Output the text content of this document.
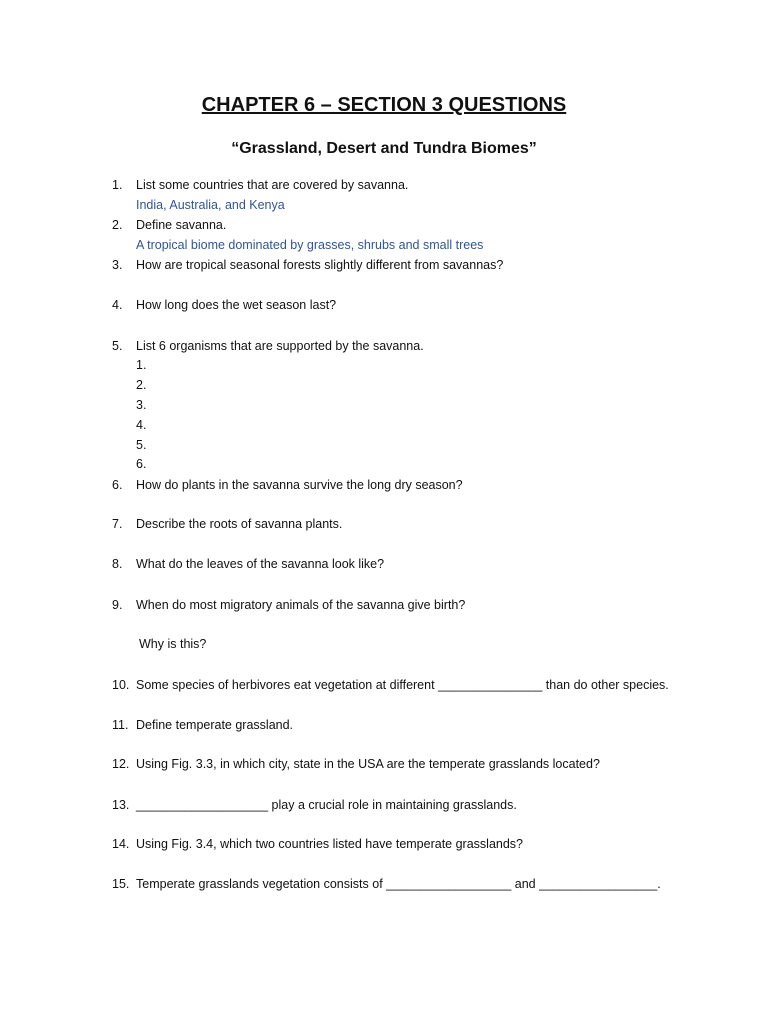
CHAPTER 6 – SECTION 3 QUESTIONS
“Grassland, Desert and Tundra Biomes”
1.	List some countries that are covered by savanna.
India, Australia, and Kenya
2.	Define savanna.
A tropical biome dominated by grasses, shrubs and small trees
3.	How are tropical seasonal forests slightly different from savannas?
4.	How long does the wet season last?
5.	List 6 organisms that are supported by the savanna.
1.
2.
3.
4.
5.
6.
6.	How do plants in the savanna survive the long dry season?
7.	Describe the roots of savanna plants.
8.	What do the leaves of the savanna look like?
9.	When do most migratory animals of the savanna give birth?
Why is this?
10. Some species of herbivores eat vegetation at different _______________ than do other species.
11. Define temperate grassland.
12. Using Fig. 3.3, in which city, state in the USA are the temperate grasslands located?
13. ___________________ play a crucial role in maintaining grasslands.
14. Using Fig. 3.4, which two countries listed have temperate grasslands?
15. Temperate grasslands vegetation consists of __________________ and _________________.
